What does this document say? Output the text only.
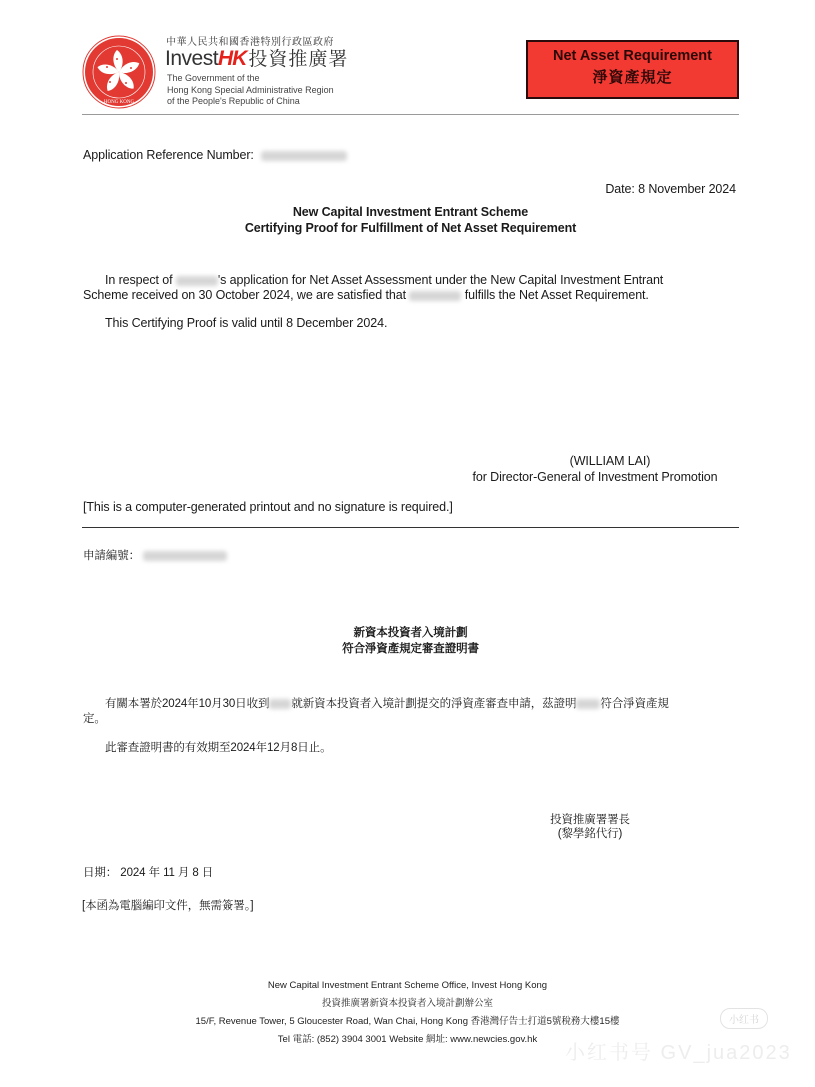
HONG KONG
中華人民共和國香港特別行政區政府
InvestHK 投資推廣署
The Government of the
Hong Kong Special Administrative Region
of the People's Republic of China
Net Asset Requirement
淨資產規定
Application Reference Number:
Date: 8 November 2024
New Capital Investment Entrant Scheme
Certifying Proof for Fulfillment of Net Asset Requirement
In respect of	's application for Net Asset Assessment under the New Capital Investment Entrant
Scheme received on 30 October 2024, we are satisfied that	fulfills the Net Asset Requirement.
This Certifying Proof is valid until 8 December 2024.
(WILLIAM LAI)
for Director-General of Investment Promotion
[This is a computer-generated printout and no signature is required.]
申請編號：
新資本投資者入境計劃
符合淨資產規定審查證明書
有關本署於2024年10月30日收到 就新資本投資者入境計劃提交的淨資產審查申請，茲證明 符合淨資產規
定。
此審查證明書的有效期至2024年12月8日止。
投資推廣署署長
(黎學銘代行)
日期： 2024 年 11 月 8 日
[本函為電腦編印文件，無需簽署。]
New Capital Investment Entrant Scheme Office, Invest Hong Kong
投資推廣署新資本投資者入境計劃辦公室
15/F, Revenue Tower, 5 Gloucester Road, Wan Chai, Hong Kong 香港灣仔告士打道5號稅務大樓15樓
Tel 電話: (852) 3904 3001 Website 網址: www.newcies.gov.hk
小红书
小红书号 GV_jua2023
